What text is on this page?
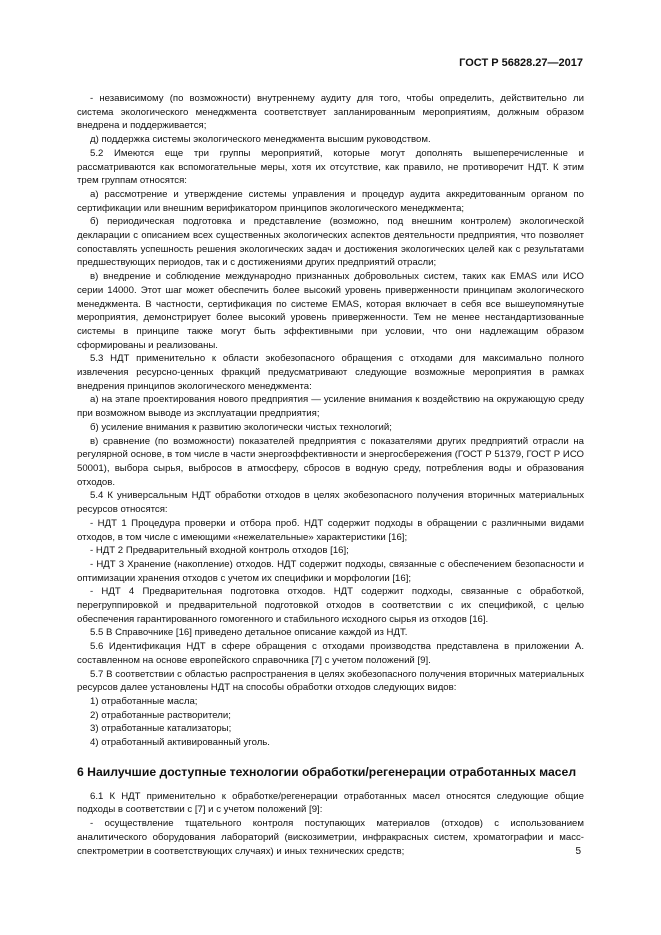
ГОСТ Р 56828.27—2017

- независимому (по возможности) внутреннему аудиту для того, чтобы определить, действительно ли система экологического менеджмента соответствует запланированным мероприятиям, должным образом внедрена и поддерживается;

д) поддержка системы экологического менеджмента высшим руководством.

5.2 Имеются еще три группы мероприятий, которые могут дополнять вышеперечисленные и рассматриваются как вспомогательные меры, хотя их отсутствие, как правило, не противоречит НДТ. К этим трем группам относятся:

а) рассмотрение и утверждение системы управления и процедур аудита аккредитованным органом по сертификации или внешним верификатором принципов экологического менеджмента;

б) периодическая подготовка и представление (возможно, под внешним контролем) экологической декларации с описанием всех существенных экологических аспектов деятельности предприятия, что позволяет сопоставлять успешность решения экологических задач и достижения экологических целей как с результатами предшествующих периодов, так и с достижениями других предприятий отрасли;

в) внедрение и соблюдение международно признанных добровольных систем, таких как EMAS или ИСО серии 14000. Этот шаг может обеспечить более высокий уровень приверженности принципам экологического менеджмента. В частности, сертификация по системе EMAS, которая включает в себя все вышеупомянутые мероприятия, демонстрирует более высокий уровень приверженности. Тем не менее нестандартизованные системы в принципе также могут быть эффективными при условии, что они надлежащим образом сформированы и реализованы.

5.3 НДТ применительно к области экобезопасного обращения с отходами для максимально полного извлечения ресурсно-ценных фракций предусматривают следующие возможные мероприятия в рамках внедрения принципов экологического менеджмента:

а) на этапе проектирования нового предприятия — усиление внимания к воздействию на окружающую среду при возможном выводе из эксплуатации предприятия;

б) усиление внимания к развитию экологически чистых технологий;

в) сравнение (по возможности) показателей предприятия с показателями других предприятий отрасли на регулярной основе, в том числе в части энергоэффективности и энергосбережения (ГОСТ Р 51379, ГОСТ Р ИСО 50001), выбора сырья, выбросов в атмосферу, сбросов в водную среду, потребления воды и образования отходов.

5.4 К универсальным НДТ обработки отходов в целях экобезопасного получения вторичных материальных ресурсов относятся:

- НДТ 1 Процедура проверки и отбора проб. НДТ содержит подходы в обращении с различными видами отходов, в том числе с имеющими «нежелательные» характеристики [16];

- НДТ 2 Предварительный входной контроль отходов [16];

- НДТ 3 Хранение (накопление) отходов. НДТ содержит подходы, связанные с обеспечением безопасности и оптимизации хранения отходов с учетом их специфики и морфологии [16];

- НДТ 4 Предварительная подготовка отходов. НДТ содержит подходы, связанные с обработкой, перегруппировкой и предварительной подготовкой отходов в соответствии с их спецификой, с целью обеспечения гарантированного гомогенного и стабильного исходного сырья из отходов [16].

5.5 В Справочнике [16] приведено детальное описание каждой из НДТ.

5.6 Идентификация НДТ в сфере обращения с отходами производства представлена в приложении А. составленном на основе европейского справочника [7] с учетом положений [9].

5.7 В соответствии с областью распространения в целях экобезопасного получения вторичных материальных ресурсов далее установлены НДТ на способы обработки отходов следующих видов:

1) отработанные масла;

2) отработанные растворители;

3) отработанные катализаторы;

4) отработанный активированный уголь.

6 Наилучшие доступные технологии обработки/регенерации отработанных масел

6.1 К НДТ применительно к обработке/регенерации отработанных масел относятся следующие общие подходы в соответствии с [7] и с учетом положений [9]:

- осуществление тщательного контроля поступающих материалов (отходов) с использованием аналитического оборудования лабораторий (вискозиметрии, инфракрасных систем, хроматографии и масс-спектрометрии в соответствующих случаях) и иных технических средств;	5
